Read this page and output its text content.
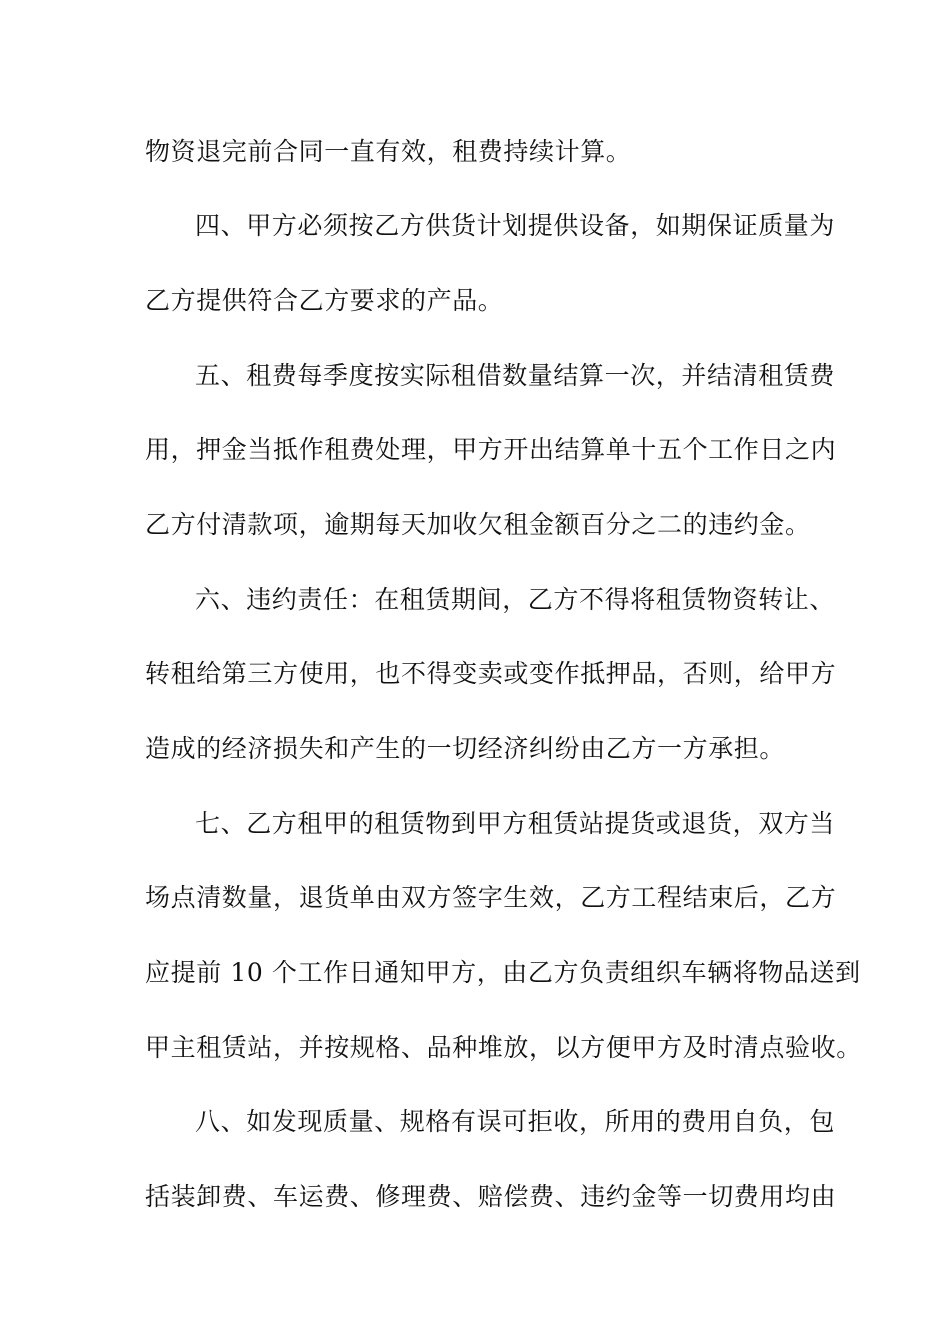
物资退完前合同一直有效，租费持续计算。
四、甲方必须按乙方供货计划提供设备，如期保证质量为
乙方提供符合乙方要求的产品。
五、租费每季度按实际租借数量结算一次，并结清租赁费
用，押金当抵作租费处理，甲方开出结算单十五个工作日之内
乙方付清款项，逾期每天加收欠租金额百分之二的违约金。
六、违约责任：在租赁期间，乙方不得将租赁物资转让、
转租给第三方使用，也不得变卖或变作抵押品，否则，给甲方
造成的经济损失和产生的一切经济纠纷由乙方一方承担。
七、乙方租甲的租赁物到甲方租赁站提货或退货，双方当
场点清数量，退货单由双方签字生效，乙方工程结束后，乙方
应提前 10 个工作日通知甲方，由乙方负责组织车辆将物品送到
甲主租赁站，并按规格、品种堆放，以方便甲方及时清点验收。
八、如发现质量、规格有误可拒收，所用的费用自负，包
括装卸费、车运费、修理费、赔偿费、违约金等一切费用均由
